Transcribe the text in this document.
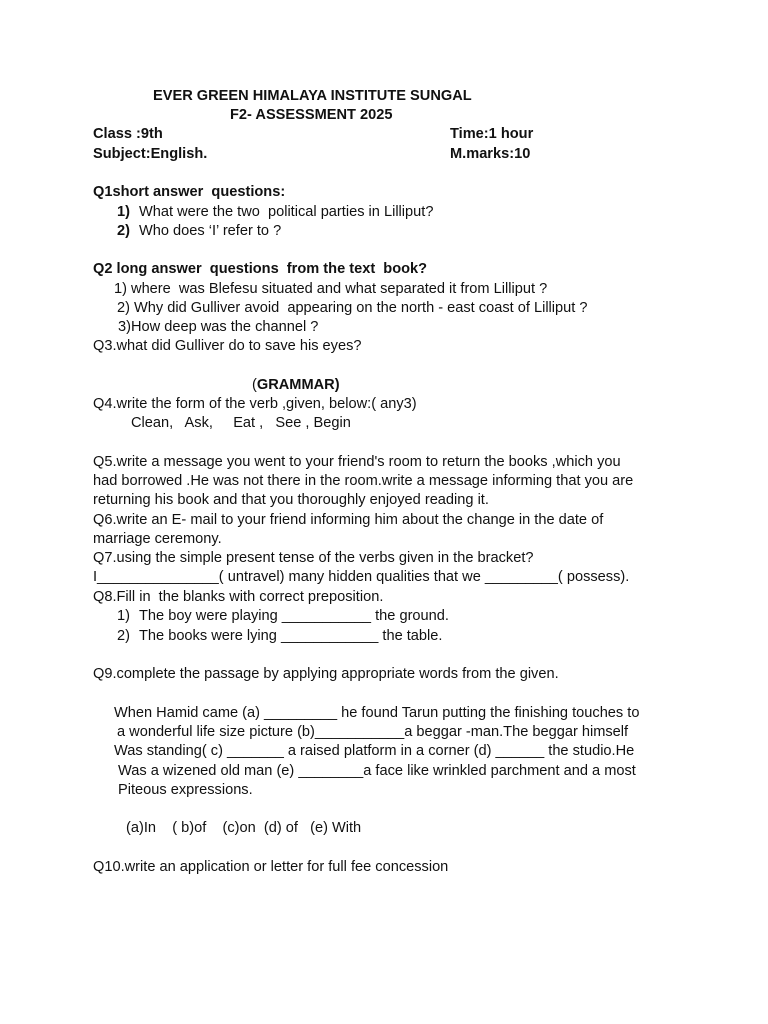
EVER GREEN HIMALAYA INSTITUTE SUNGAL
F2- ASSESSMENT 2025
Class :9th	Time:1 hour
Subject:English.	M.marks:10
Q1short answer  questions:
1) What were the two  political parties in Lilliput?
2) Who does ‘I’ refer to ?
Q2 long answer  questions  from the text  book?
1) where  was Blefesu situated and what separated it from Lilliput ?
2) Why did Gulliver avoid  appearing on the north - east coast of Lilliput ?
3)How deep was the channel ?
Q3.what did Gulliver do to save his eyes?
(GRAMMAR)
Q4.write the form of the verb ,given, below:( any3)
Clean,   Ask,     Eat ,   See , Begin
Q5.write a message you went to your friend's room to return the books ,which you
had borrowed .He was not there in the room.write a message informing that you are
returning his book and that you thoroughly enjoyed reading it.
Q6.write an E- mail to your friend informing him about the change in the date of
marriage ceremony.
Q7.using the simple present tense of the verbs given in the bracket?
I_______________( untravel) many hidden qualities that we _________( possess).
Q8.Fill in  the blanks with correct preposition.
1) The boy were playing ___________ the ground.
2) The books were lying ____________ the table.
Q9.complete the passage by applying appropriate words from the given.
When Hamid came (a) _________ he found Tarun putting the finishing touches to
a wonderful life size picture (b)___________a beggar -man.The beggar himself
Was standing( c) _______ a raised platform in a corner (d) ______ the studio.He
Was a wizened old man (e) ________a face like wrinkled parchment and a most
Piteous expressions.
(a)In    ( b)of    (c)on  (d) of   (e) With
Q10.write an application or letter for full fee concession
